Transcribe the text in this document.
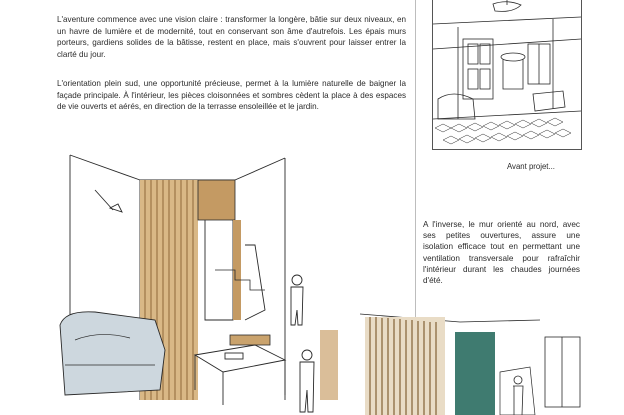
L'aventure commence avec une vision claire : transformer la longère, bâtie sur deux niveaux, en un havre de lumière et de modernité, tout en conservant son âme d'autrefois. Les épais murs porteurs, gardiens solides de la bâtisse, restent en place, mais s'ouvrent pour laisser entrer la clarté du jour.

L'orientation plein sud, une opportunité précieuse, permet à la lumière naturelle de baigner la façade principale. À l'intérieur, les pièces cloisonnées et sombres cèdent la place à des espaces de vie ouverts et aérés, en direction de la terrasse ensoleillée et le jardin.

Avant projet...

A l'inverse, le mur orienté au nord, avec ses petites ouvertures, assure une isolation efficace tout en permettant une ventilation transversale pour rafraîchir l'intérieur durant les chaudes journées d'été.
